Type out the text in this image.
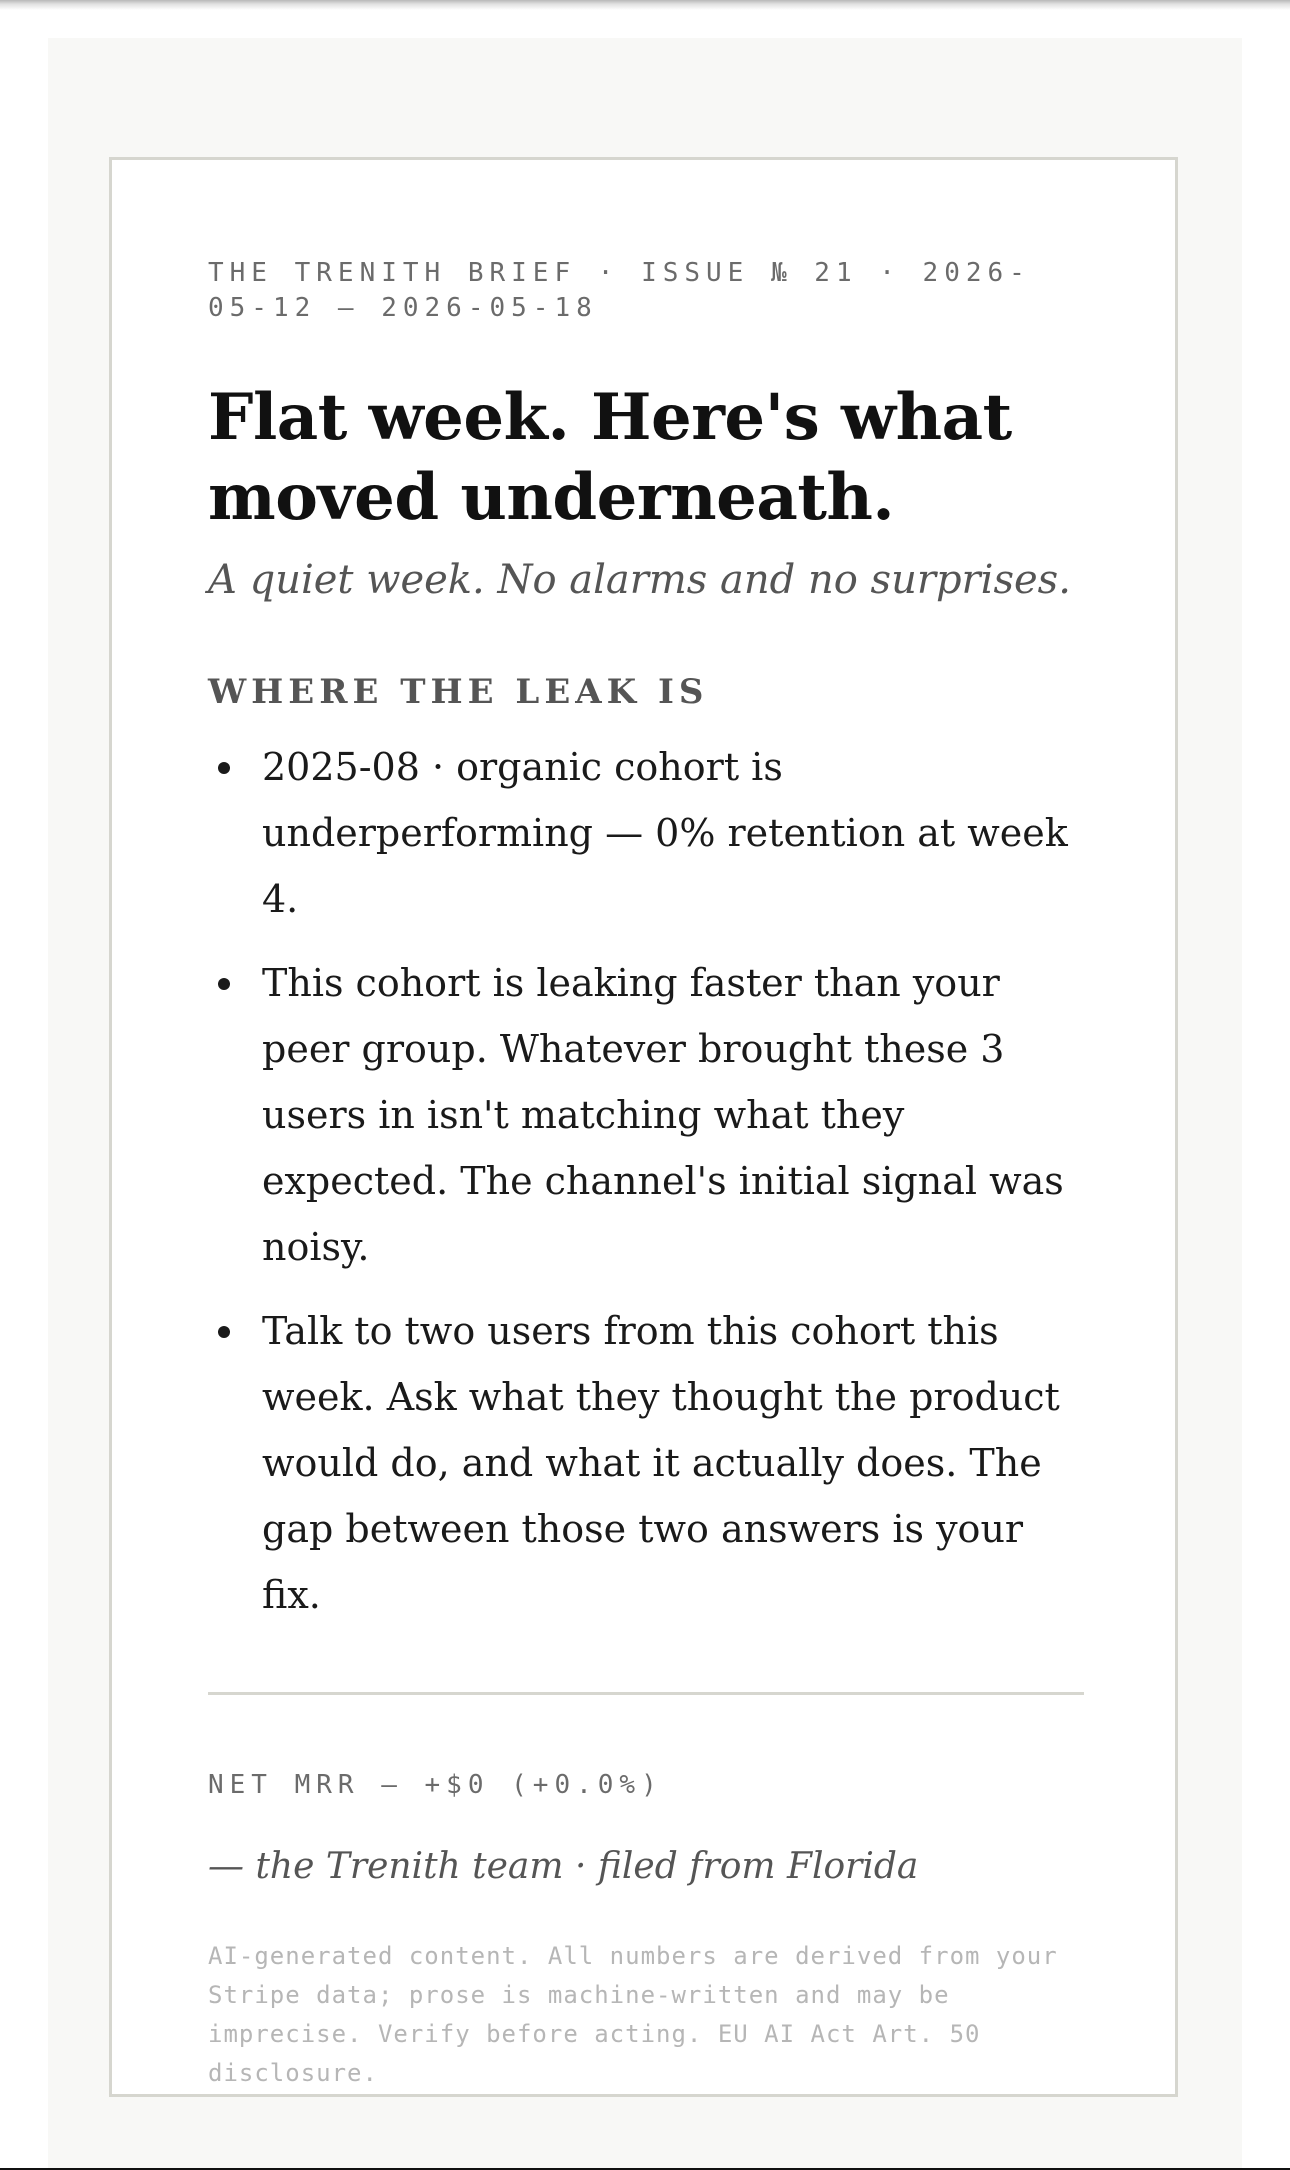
THE TRENITH BRIEF · ISSUE № 21 · 2026-05-12 — 2026-05-18

Flat week. Here's what moved underneath.

A quiet week. No alarms and no surprises.

WHERE THE LEAK IS
2025-08 · organic cohort is underperforming — 0% retention at week 4.
This cohort is leaking faster than your peer group. Whatever brought these 3 users in isn't matching what they expected. The channel's initial signal was noisy.
Talk to two users from this cohort this week. Ask what they thought the product would do, and what it actually does. The gap between those two answers is your fix.

NET MRR — +$0 (+0.0%)

— the Trenith team · filed from Florida

AI-generated content. All numbers are derived from your Stripe data; prose is machine-written and may be imprecise. Verify before acting. EU AI Act Art. 50 disclosure.
